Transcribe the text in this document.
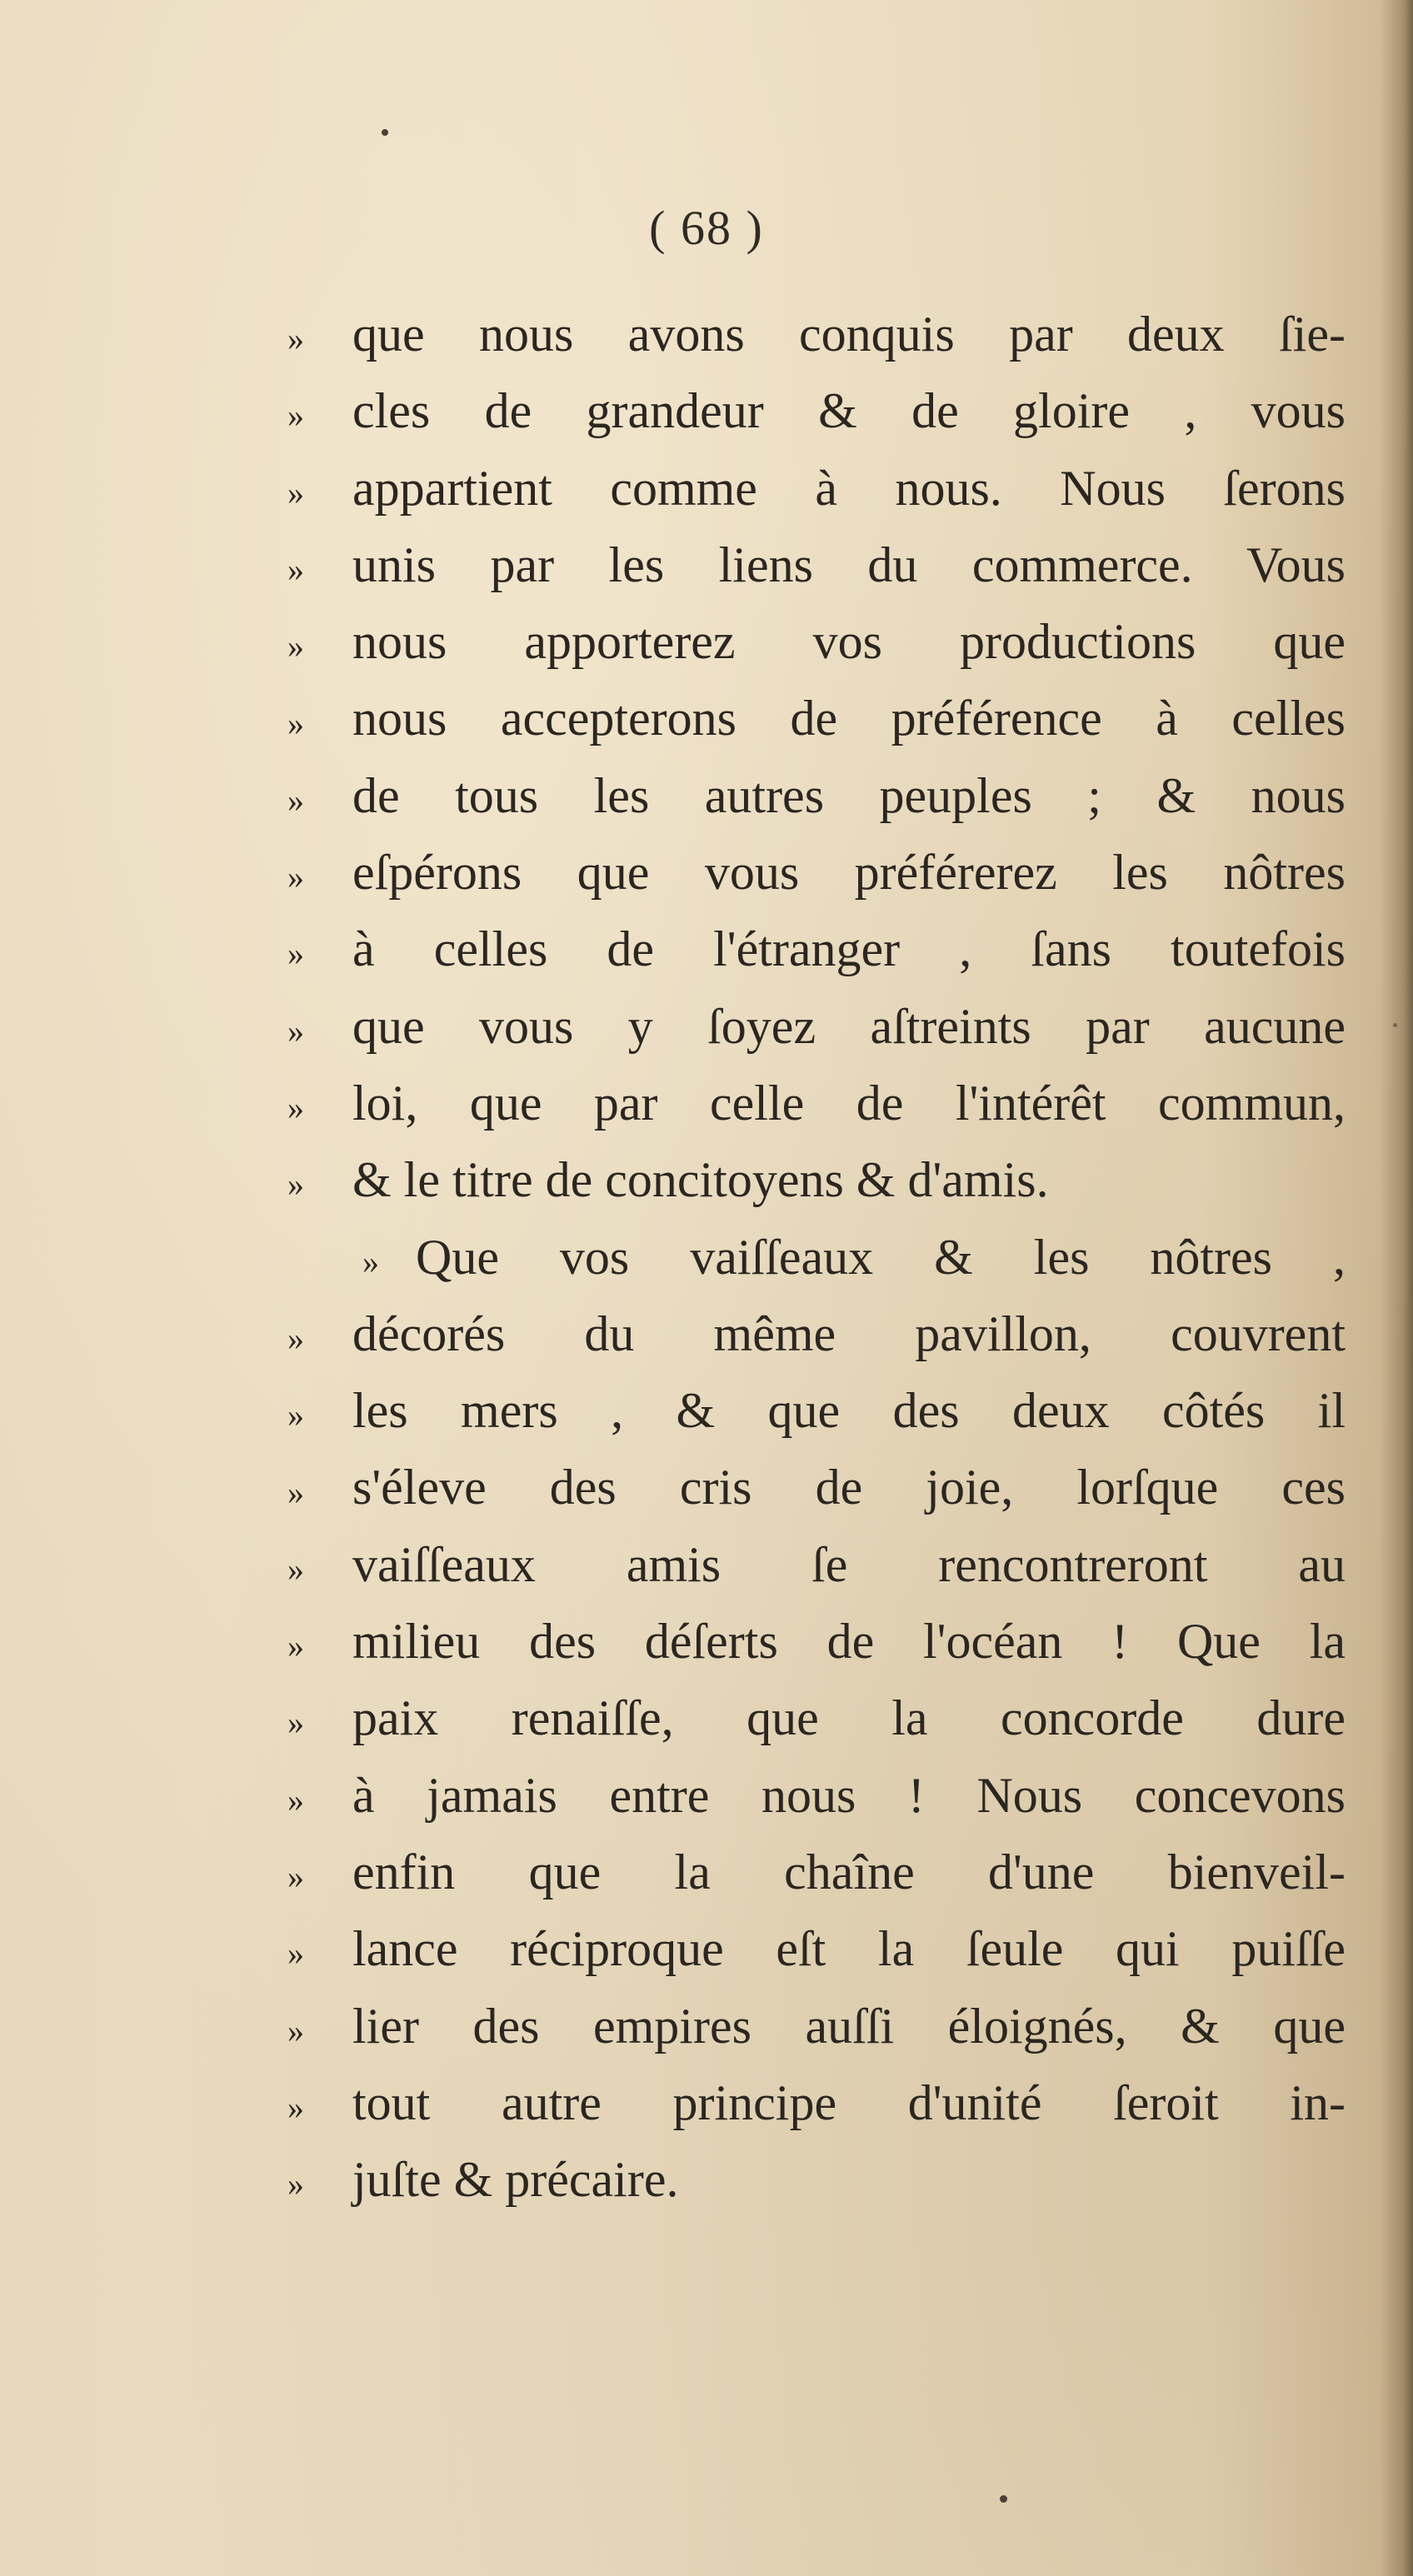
( 68 )
» que nous avons conquis par deux ſie-
» cles de grandeur & de gloire , vous
» appartient comme à nous. Nous ſerons
» unis par les liens du commerce. Vous
» nous apporterez vos productions que
» nous accepterons de préférence à celles
» de tous les autres peuples ; & nous
» eſpérons que vous préférerez les nôtres
» à celles de l'étranger , ſans toutefois
» que vous y ſoyez aſtreints par aucune
» loi, que par celle de l'intérêt commun,
» & le titre de concitoyens & d'amis.
» Que vos vaiſſeaux & les nôtres ,
» décorés du même pavillon, couvrent
» les mers , & que des deux côtés il
» s'éleve des cris de joie, lorſque ces
» vaiſſeaux amis ſe rencontreront au
» milieu des déſerts de l'océan ! Que la
» paix renaiſſe, que la concorde dure
» à jamais entre nous ! Nous concevons
» enfin que la chaîne d'une bienveil-
» lance réciproque eſt la ſeule qui puiſſe
» lier des empires auſſi éloignés, & que
» tout autre principe d'unité ſeroit in-
» juſte & précaire.
